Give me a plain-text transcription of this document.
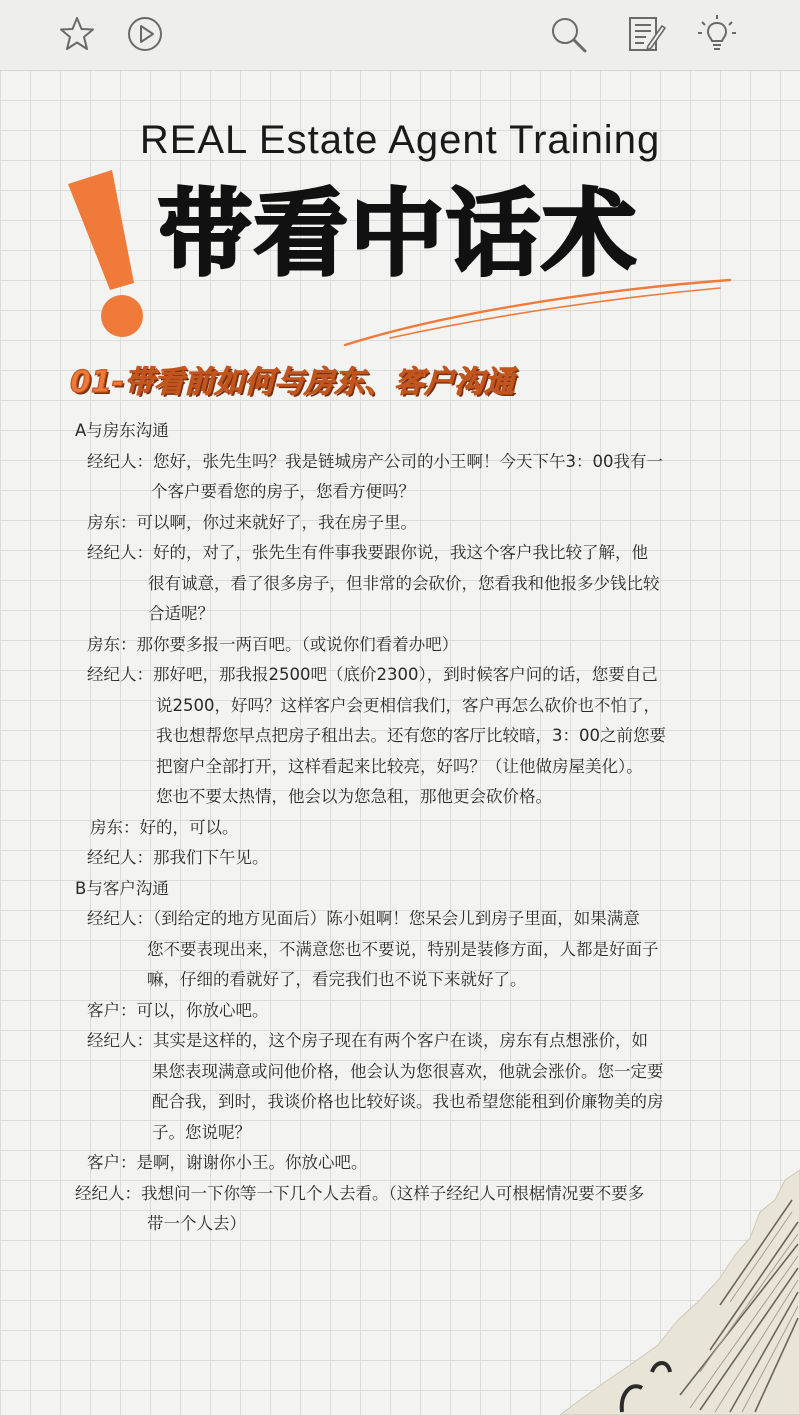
REAL Estate Agent Training
带看中话术
01-带看前如何与房东、客户沟通
A与房东沟通
经纪人：您好，张先生吗？我是链城房产公司的小王啊！今天下午3：00我有一
个客户要看您的房子，您看方便吗？
房东：可以啊，你过来就好了，我在房子里。
经纪人：好的，对了，张先生有件事我要跟你说，我这个客户我比较了解，他
很有诚意，看了很多房子，但非常的会砍价，您看我和他报多少钱比较
合适呢？
房东：那你要多报一两百吧。（或说你们看着办吧）
经纪人：那好吧，那我报2500吧（底价2300），到时候客户问的话，您要自己
说2500，好吗？这样客户会更相信我们，客户再怎么砍价也不怕了，
我也想帮您早点把房子租出去。还有您的客厅比较暗，3：00之前您要
把窗户全部打开，这样看起来比较亮，好吗？（让他做房屋美化）。
您也不要太热情，他会以为您急租，那他更会砍价格。
房东：好的，可以。
经纪人：那我们下午见。
B与客户沟通
经纪人：（到给定的地方见面后）陈小姐啊！您呆会儿到房子里面，如果满意
您不要表现出来，不满意您也不要说，特别是装修方面，人都是好面子
嘛，仔细的看就好了，看完我们也不说下来就好了。
客户：可以，你放心吧。
经纪人：其实是这样的，这个房子现在有两个客户在谈，房东有点想涨价，如
果您表现满意或问他价格，他会认为您很喜欢，他就会涨价。您一定要
配合我，到时，我谈价格也比较好谈。我也希望您能租到价廉物美的房
子。您说呢？
客户：是啊，谢谢你小王。你放心吧。
经纪人：我想问一下你等一下几个人去看。（这样子经纪人可根椐情况要不要多
带一个人去）
